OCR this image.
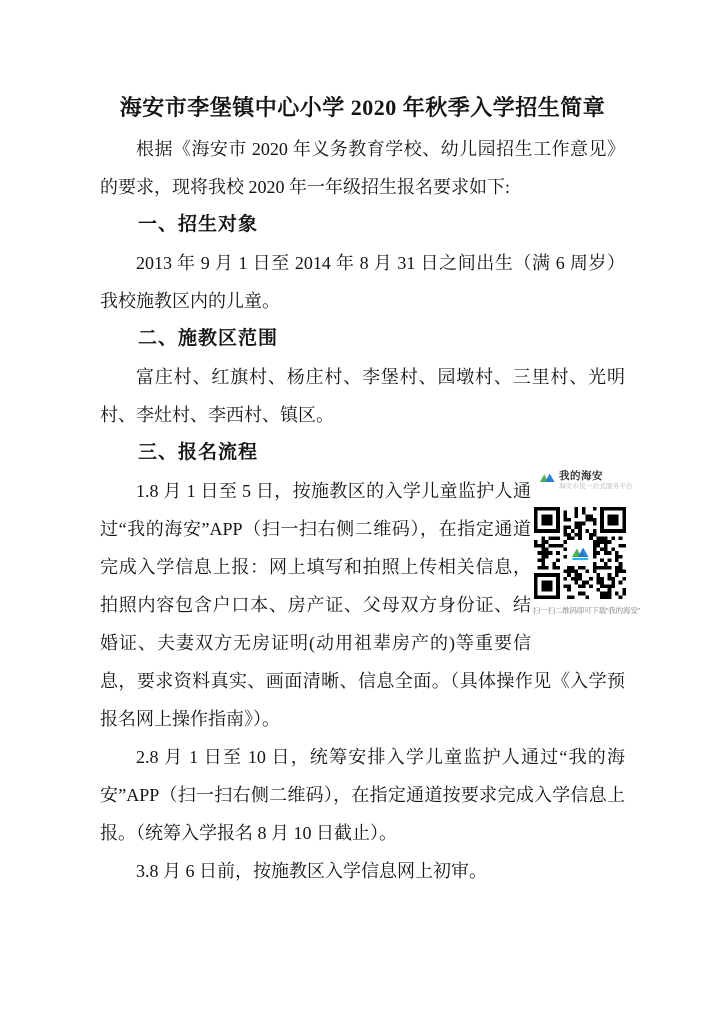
海安市李堡镇中心小学 2020 年秋季入学招生简章

根据《海安市 2020 年义务教育学校、幼儿园招生工作意见》的要求，现将我校 2020 年一年级招生报名要求如下:

一、招生对象

2013 年 9 月 1 日至 2014 年 8 月 31 日之间出生（满 6 周岁）我校施教区内的儿童。

二、施教区范围

富庄村、红旗村、杨庄村、李堡村、园墩村、三里村、光明村、李灶村、李西村、镇区。

三、报名流程
我的海安
海安市民一站式服务平台
扫一扫二维码即可下载“我的海安”

1.8 月 1 日至 5 日，按施教区的入学儿童监护人通过“我的海安”APP（扫一扫右侧二维码），在指定通道完成入学信息上报：网上填写和拍照上传相关信息，拍照内容包含户口本、房产证、父母双方身份证、结婚证、夫妻双方无房证明(动用祖辈房产的)等重要信息，要求资料真实、画面清晰、信息全面。（具体操作见《入学预报名网上操作指南》）。

2.8 月 1 日至 10 日，统筹安排入学儿童监护人通过“我的海安”APP（扫一扫右侧二维码），在指定通道按要求完成入学信息上报。（统筹入学报名 8 月 10 日截止）。

3.8 月 6 日前，按施教区入学信息网上初审。
